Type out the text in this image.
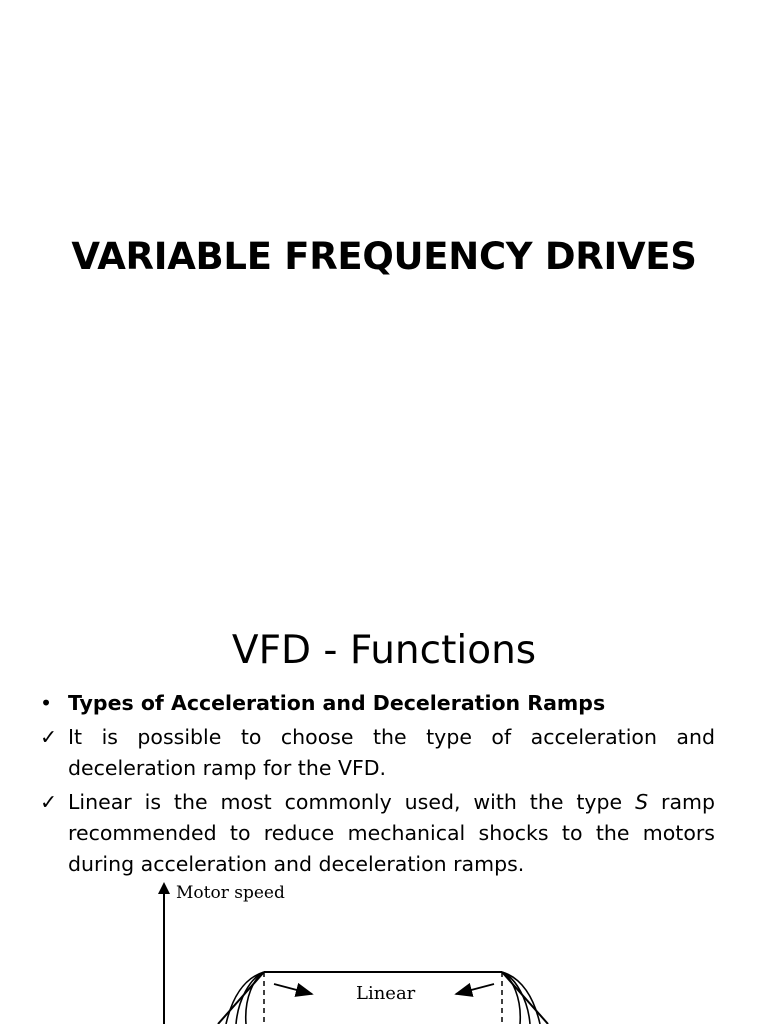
VARIABLE FREQUENCY DRIVES
VFD - Functions
• Types of Acceleration and Deceleration Ramps
✓ It is possible to choose the type of acceleration and deceleration ramp for the VFD.
✓ Linear is the most commonly used, with the type S ramp recommended to reduce mechanical shocks to the motors during acceleration and deceleration ramps.
Motor speed
Linear
